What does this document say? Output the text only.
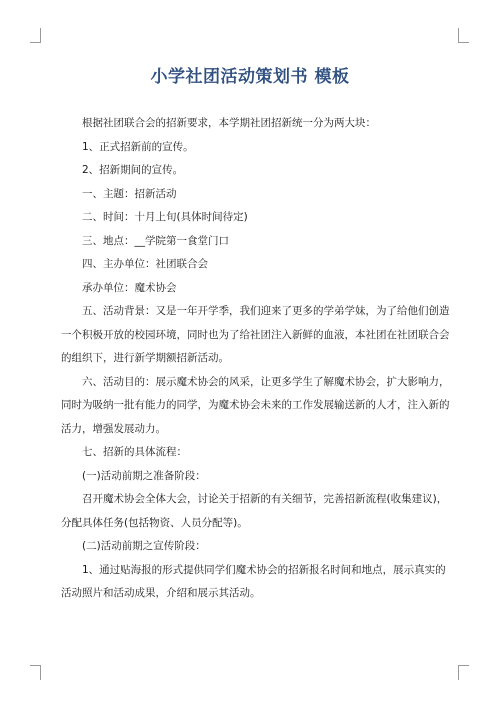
小学社团活动策划书 模板

根据社团联合会的招新要求，本学期社团招新统一分为两大块：

1、正式招新前的宣传。

2、招新期间的宣传。

一、主题：招新活动

二、时间：十月上旬(具体时间待定)

三、地点：__学院第一食堂门口

四、主办单位：社团联合会

承办单位：魔术协会

五、活动背景：又是一年开学季，我们迎来了更多的学弟学妹，为了给他们创造

一个积极开放的校园环境，同时也为了给社团注入新鲜的血液，本社团在社团联合会

的组织下，进行新学期额招新活动。

六、活动目的：展示魔术协会的风采，让更多学生了解魔术协会，扩大影响力，

同时为吸纳一批有能力的同学，为魔术协会未来的工作发展输送新的人才，注入新的

活力，增强发展动力。

七、招新的具体流程：

(一)活动前期之准备阶段：

召开魔术协会全体大会，讨论关于招新的有关细节，完善招新流程(收集建议)，

分配具体任务(包括物资、人员分配等)。

(二)活动前期之宣传阶段：

1、通过贴海报的形式提供同学们魔术协会的招新报名时间和地点，展示真实的

活动照片和活动成果，介绍和展示其活动。
